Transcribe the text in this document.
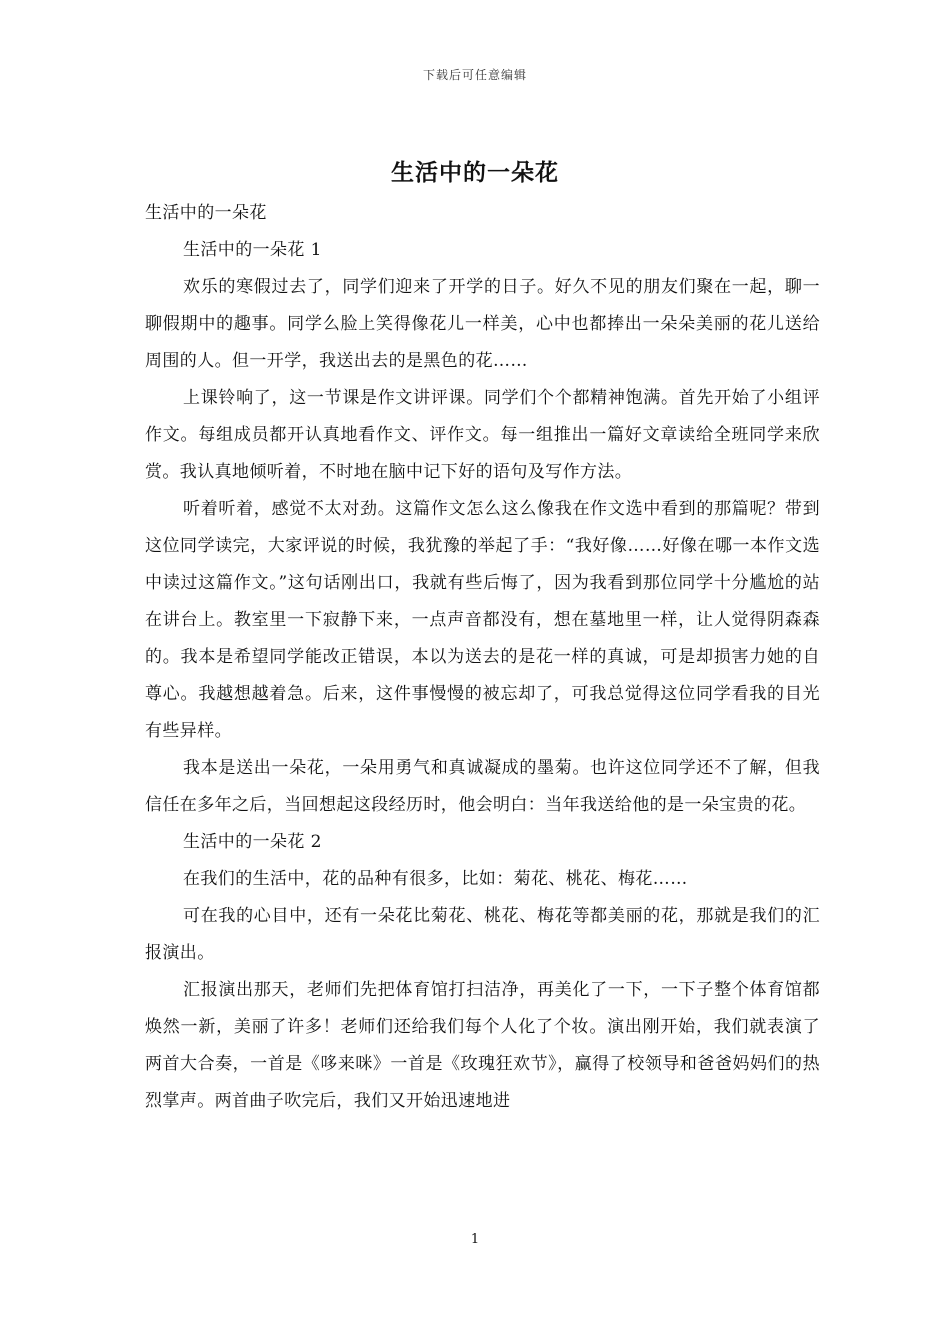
下载后可任意编辑
生活中的一朵花

生活中的一朵花

生活中的一朵花 1

欢乐的寒假过去了，同学们迎来了开学的日子。好久不见的朋友们聚在一起，聊一聊假期中的趣事。同学么脸上笑得像花儿一样美，心中也都捧出一朵朵美丽的花儿送给周围的人。但一开学，我送出去的是黑色的花……

上课铃响了，这一节课是作文讲评课。同学们个个都精神饱满。首先开始了小组评作文。每组成员都开认真地看作文、评作文。每一组推出一篇好文章读给全班同学来欣赏。我认真地倾听着，不时地在脑中记下好的语句及写作方法。

听着听着，感觉不太对劲。这篇作文怎么这么像我在作文选中看到的那篇呢？带到这位同学读完，大家评说的时候，我犹豫的举起了手：“我好像……好像在哪一本作文选中读过这篇作文。”这句话刚出口，我就有些后悔了，因为我看到那位同学十分尴尬的站在讲台上。教室里一下寂静下来，一点声音都没有，想在墓地里一样，让人觉得阴森森的。我本是希望同学能改正错误，本以为送去的是花一样的真诚，可是却损害力她的自尊心。我越想越着急。后来，这件事慢慢的被忘却了，可我总觉得这位同学看我的目光有些异样。

我本是送出一朵花，一朵用勇气和真诚凝成的墨菊。也许这位同学还不了解，但我信任在多年之后，当回想起这段经历时，他会明白：当年我送给他的是一朵宝贵的花。

生活中的一朵花 2

在我们的生活中，花的品种有很多，比如：菊花、桃花、梅花……

可在我的心目中，还有一朵花比菊花、桃花、梅花等都美丽的花，那就是我们的汇报演出。

汇报演出那天，老师们先把体育馆打扫洁净，再美化了一下，一下子整个体育馆都焕然一新，美丽了许多！老师们还给我们每个人化了个妆。演出刚开始，我们就表演了两首大合奏，一首是《哆来咪》一首是《玫瑰狂欢节》，赢得了校领导和爸爸妈妈们的热烈掌声。两首曲子吹完后，我们又开始迅速地进

1
